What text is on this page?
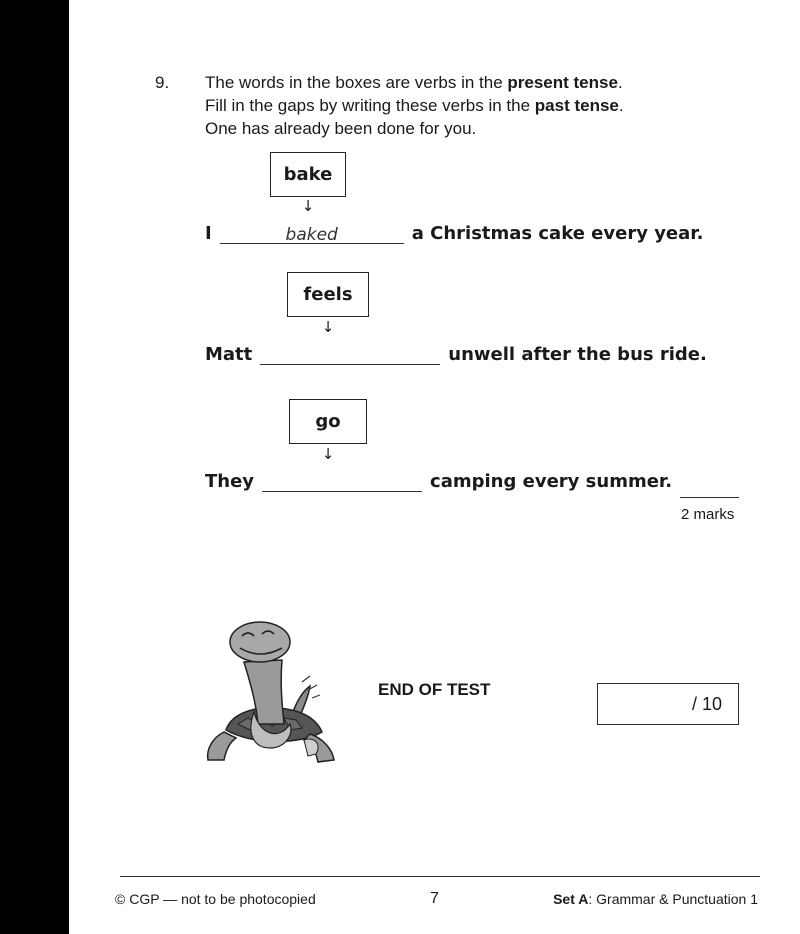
9. The words in the boxes are verbs in the present tense.
Fill in the gaps by writing these verbs in the past tense.
One has already been done for you.
bake
↓
I	baked	a Christmas cake every year.
feels
↓
Matt	unwell after the bus ride.
go
↓
They	camping every summer.
2 marks
END OF TEST
/ 10
© CGP — not to be photocopied	7	Set A: Grammar & Punctuation 1
